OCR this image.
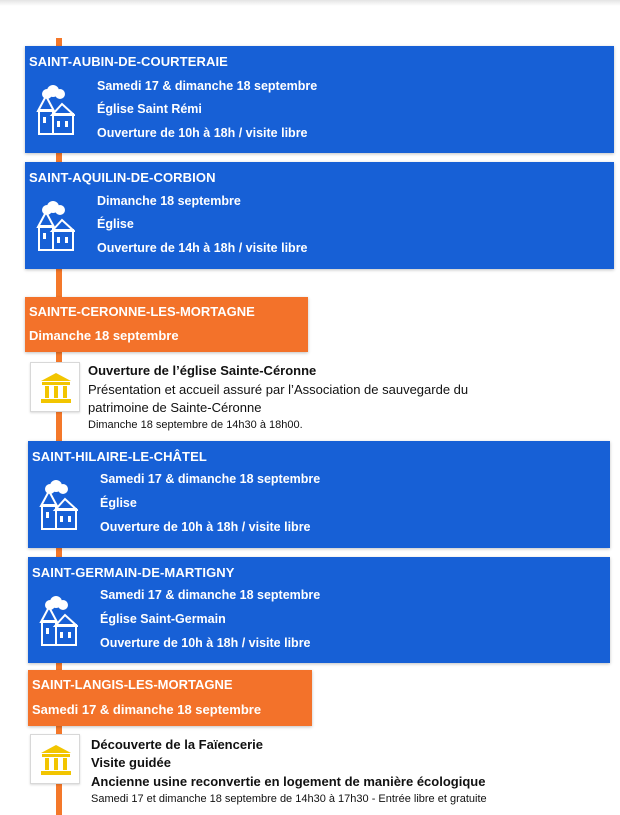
SAINT-AUBIN-DE-COURTERAIE
Samedi 17 & dimanche 18 septembre
Église Saint Rémi
Ouverture de 10h à 18h / visite libre
SAINT-AQUILIN-DE-CORBION
Dimanche 18 septembre
Église
Ouverture de 14h à 18h / visite libre
SAINTE-CERONNE-LES-MORTAGNE
Dimanche 18 septembre
Ouverture de l’église Sainte-Céronne
Présentation et accueil assuré par l’Association de sauvegarde du
patrimoine de Sainte-Céronne
Dimanche 18 septembre de 14h30 à 18h00.
SAINT-HILAIRE-LE-CHÂTEL
Samedi 17 & dimanche 18 septembre
Église
Ouverture de 10h à 18h / visite libre
SAINT-GERMAIN-DE-MARTIGNY
Samedi 17 & dimanche 18 septembre
Église Saint-Germain
Ouverture de 10h à 18h / visite libre
SAINT-LANGIS-LES-MORTAGNE
Samedi 17 & dimanche 18 septembre
Découverte de la Faïencerie
Visite guidée
Ancienne usine reconvertie en logement de manière écologique
Samedi 17 et dimanche 18 septembre de 14h30 à 17h30 - Entrée libre et gratuite
